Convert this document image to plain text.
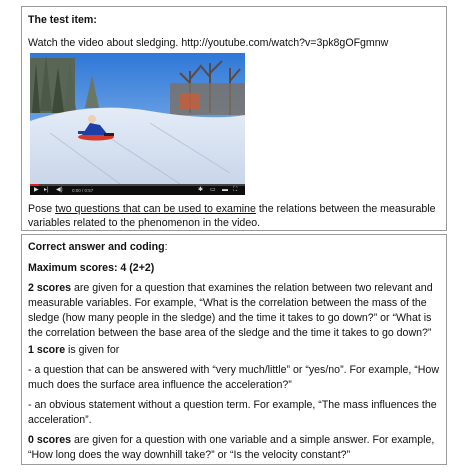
The test item:

Watch the video about sledging. http://youtube.com/watch?v=3pk8gOFgmnw

▶ ▸| ◀) 0:00 / 0:57	✱ ▭ ▬ ⛶

Pose two questions that can be used to examine the relations between the measurable

variables related to the phenomenon in the video.

Correct answer and coding:

Maximum scores: 4 (2+2)

2 scores are given for a question that examines the relation between two relevant and measurable variables. For example, “What is the correlation between the mass of the sledge (how many people in the sledge) and the time it takes to go down?” or “What is the correlation between the base area of the sledge and the time it takes to go down?”

1 score is given for

- a question that can be answered with “very much/little” or “yes/no”. For example, “How much does the surface area influence the acceleration?”

- an obvious statement without a question term. For example, “The mass influences the acceleration”.

0 scores are given for a question with one variable and a simple answer. For example, “How long does the way downhill take?” or “Is the velocity constant?”
